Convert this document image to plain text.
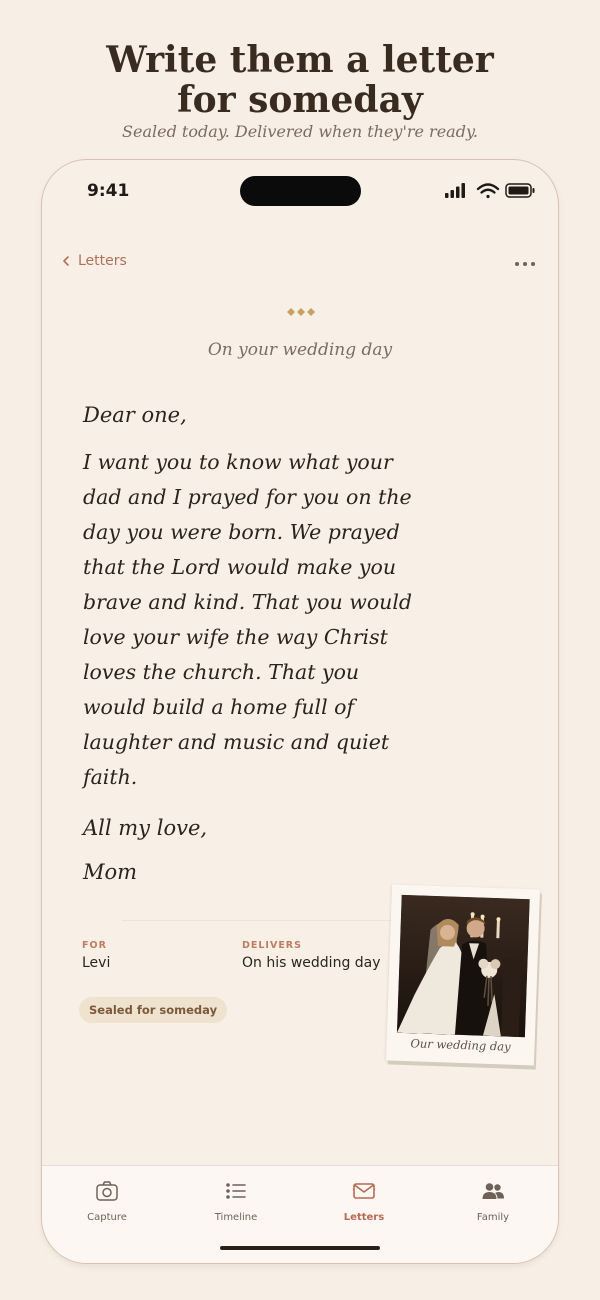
Write them a letter
for someday
Sealed today. Delivered when they're ready.
9:41
Letters
On your wedding day
Dear one,
I want you to know what your dad and I prayed for you on the day you were born. We prayed that the Lord would make you brave and kind. That you would love your wife the way Christ loves the church. That you would build a home full of laughter and music and quiet faith.
All my love,
Mom
FOR
Levi
DELIVERS
On his wedding day
Sealed for someday
Our wedding day
Capture	Timeline	Letters	Family
